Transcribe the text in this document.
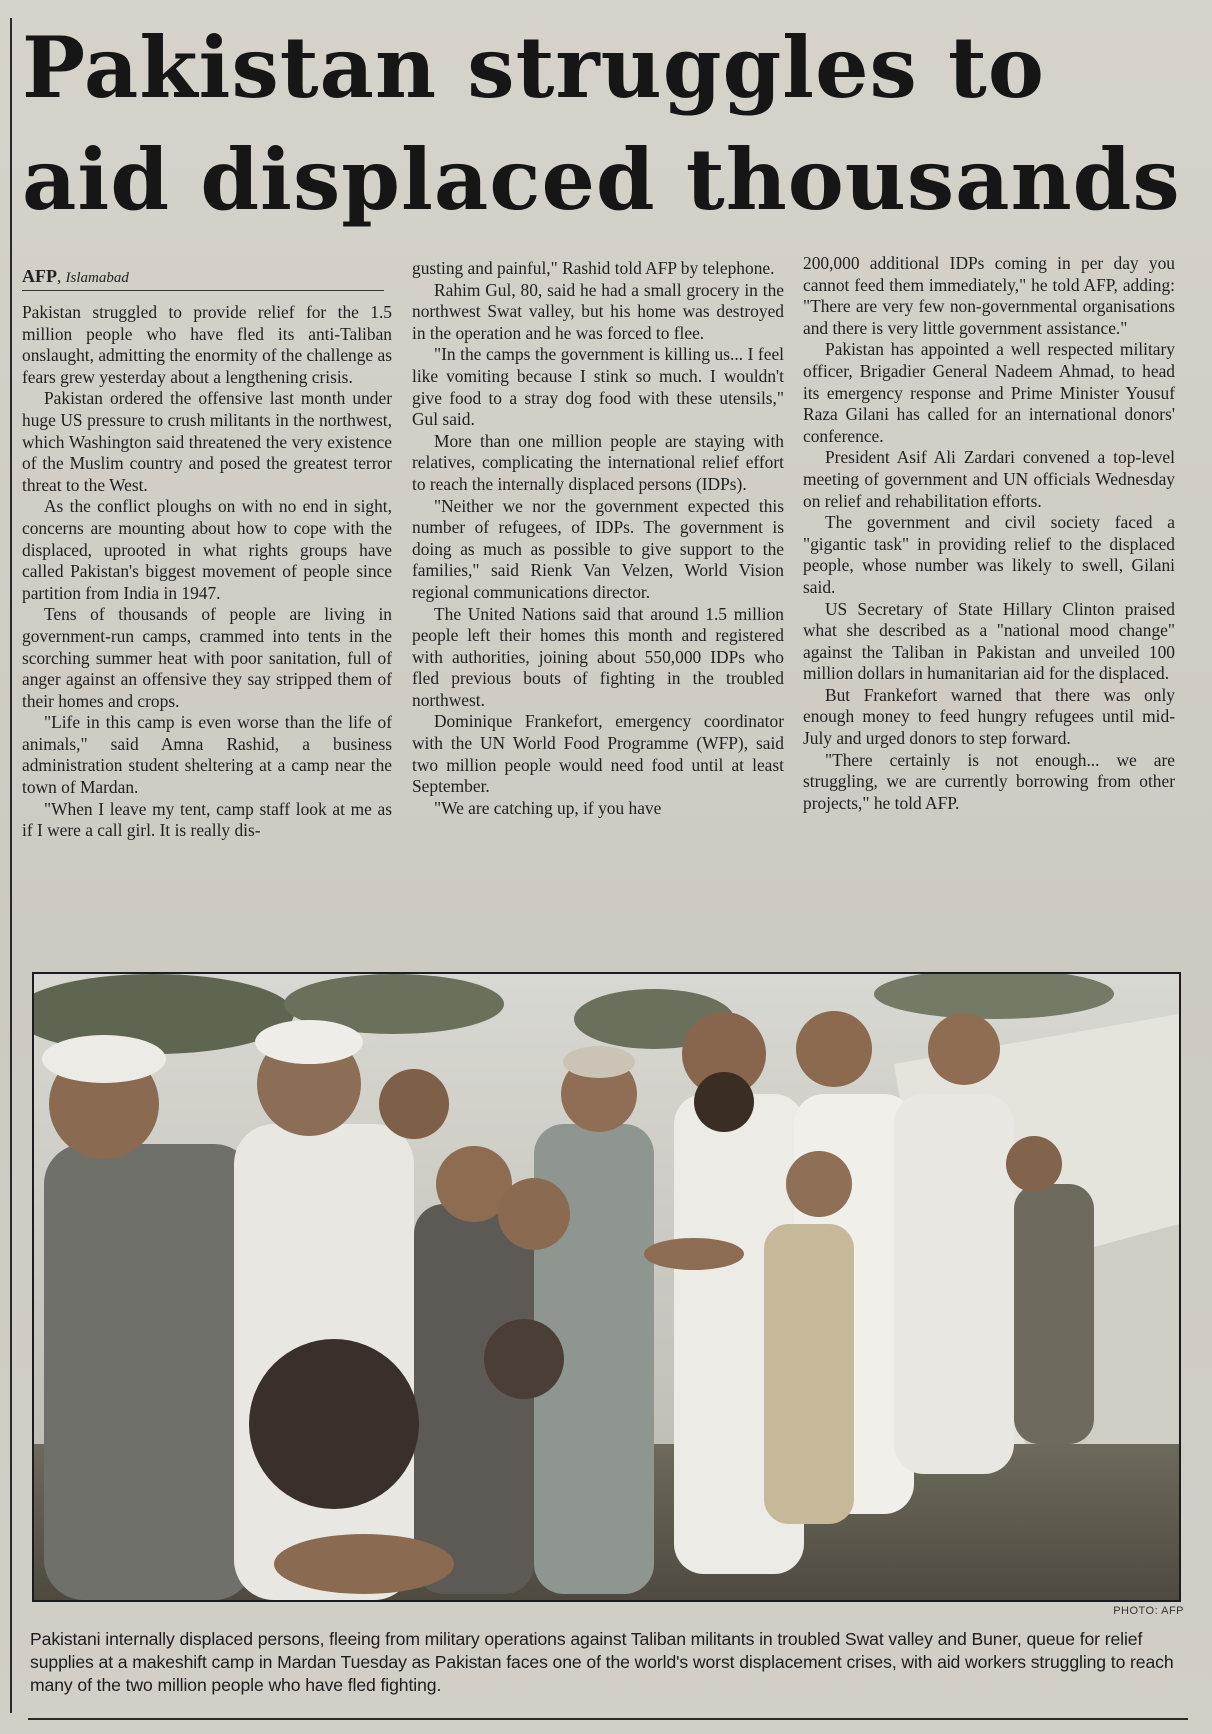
Pakistan struggles to aid displaced thousands
AFP, Islamabad

Pakistan struggled to provide relief for the 1.5 million people who have fled its anti-Taliban onslaught, admitting the enormity of the challenge as fears grew yesterday about a lengthening crisis.

Pakistan ordered the offensive last month under huge US pressure to crush militants in the northwest, which Washington said threatened the very existence of the Muslim country and posed the greatest terror threat to the West.

As the conflict ploughs on with no end in sight, concerns are mounting about how to cope with the displaced, uprooted in what rights groups have called Pakistan's biggest movement of people since partition from India in 1947.

Tens of thousands of people are living in government-run camps, crammed into tents in the scorching summer heat with poor sanitation, full of anger against an offensive they say stripped them of their homes and crops.

"Life in this camp is even worse than the life of animals," said Amna Rashid, a business administration student sheltering at a camp near the town of Mardan.

"When I leave my tent, camp staff look at me as if I were a call girl. It is really dis-

gusting and painful," Rashid told AFP by telephone.

Rahim Gul, 80, said he had a small grocery in the northwest Swat valley, but his home was destroyed in the operation and he was forced to flee.

"In the camps the government is killing us... I feel like vomiting because I stink so much. I wouldn't give food to a stray dog food with these utensils," Gul said.

More than one million people are staying with relatives, complicating the international relief effort to reach the internally displaced persons (IDPs).

"Neither we nor the government expected this number of refugees, of IDPs. The government is doing as much as possible to give support to the families," said Rienk Van Velzen, World Vision regional communications director.

The United Nations said that around 1.5 million people left their homes this month and registered with authorities, joining about 550,000 IDPs who fled previous bouts of fighting in the troubled northwest.

Dominique Frankefort, emergency coordinator with the UN World Food Programme (WFP), said two million people would need food until at least September.

"We are catching up, if you have

200,000 additional IDPs coming in per day you cannot feed them immediately," he told AFP, adding: "There are very few non-governmental organisations and there is very little government assistance."

Pakistan has appointed a well respected military officer, Brigadier General Nadeem Ahmad, to head its emergency response and Prime Minister Yousuf Raza Gilani has called for an international donors' conference.

President Asif Ali Zardari convened a top-level meeting of government and UN officials Wednesday on relief and rehabilitation efforts.

The government and civil society faced a "gigantic task" in providing relief to the displaced people, whose number was likely to swell, Gilani said.

US Secretary of State Hillary Clinton praised what she described as a "national mood change" against the Taliban in Pakistan and unveiled 100 million dollars in humanitarian aid for the displaced.

But Frankefort warned that there was only enough money to feed hungry refugees until mid-July and urged donors to step forward.

"There certainly is not enough... we are struggling, we are currently borrowing from other projects," he told AFP.

PHOTO: AFP

Pakistani internally displaced persons, fleeing from military operations against Taliban militants in troubled Swat valley and Buner, queue for relief supplies at a makeshift camp in Mardan Tuesday as Pakistan faces one of the world's worst displacement crises, with aid workers struggling to reach many of the two million people who have fled fighting.
